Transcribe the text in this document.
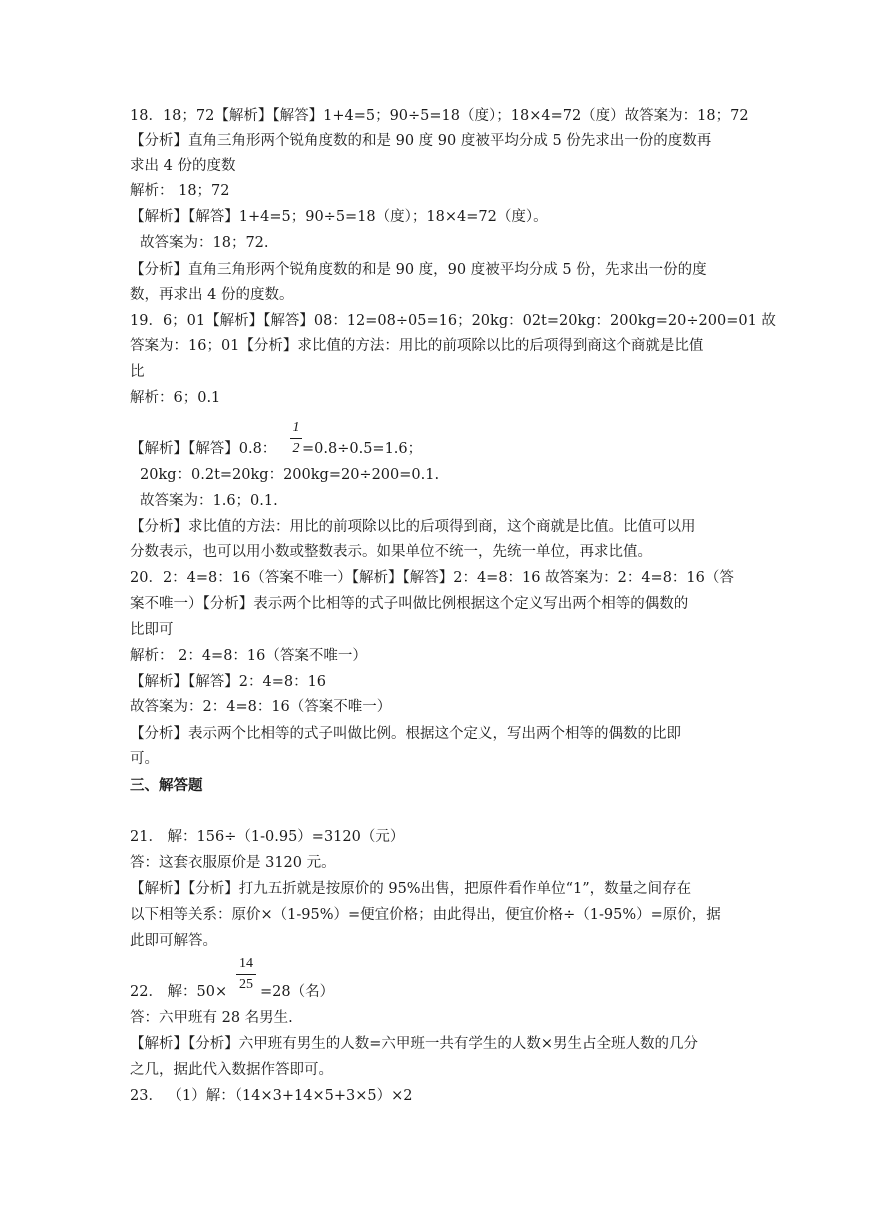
18．18；72【解析】【解答】1+4=5；90÷5=18（度）；18×4=72（度）故答案为：18；72
【分析】直角三角形两个锐角度数的和是 90 度 90 度被平均分成 5 份先求出一份的度数再
求出 4 份的度数
解析： 18；72
【解析】【解答】1+4=5；90÷5=18（度）；18×4=72（度）。
故答案为：18；72.
【分析】直角三角形两个锐角度数的和是 90 度，90 度被平均分成 5 份，先求出一份的度
数，再求出 4 份的度数。
19．6；01【解析】【解答】08：12=08÷05=16；20kg：02t=20kg：200kg=20÷200=01 故
答案为：16；01【分析】求比值的方法：用比的前项除以比的后项得到商这个商就是比值
比
解析：6；0.1
【解析】【解答】0.8：
1
2 =0.8÷0.5=1.6；
20kg：0.2t=20kg：200kg=20÷200=0.1.
故答案为：1.6；0.1.
【分析】求比值的方法：用比的前项除以比的后项得到商，这个商就是比值。比值可以用
分数表示，也可以用小数或整数表示。如果单位不统一，先统一单位，再求比值。
20．2：4=8：16（答案不唯一）【解析】【解答】2：4=8：16 故答案为：2：4=8：16（答
案不唯一）【分析】表示两个比相等的式子叫做比例根据这个定义写出两个相等的偶数的
比即可
解析： 2：4=8：16（答案不唯一）
【解析】【解答】2：4=8：16
故答案为：2：4=8：16（答案不唯一）
【分析】表示两个比相等的式子叫做比例。根据这个定义，写出两个相等的偶数的比即
可。
三、解答题
21． 解：156÷（1-0.95）=3120（元）
答：这套衣服原价是 3120 元。
【解析】【分析】打九五折就是按原价的 95%出售，把原件看作单位“1”，数量之间存在
以下相等关系：原价×（1-95%）=便宜价格；由此得出，便宜价格÷（1-95%）=原价，据
此即可解答。
22． 解：50×
14
25 =28（名）
答：六甲班有 28 名男生.
【解析】【分析】六甲班有男生的人数=六甲班一共有学生的人数×男生占全班人数的几分
之几，据此代入数据作答即可。
23． （1）解：（14×3+14×5+3×5）×2
